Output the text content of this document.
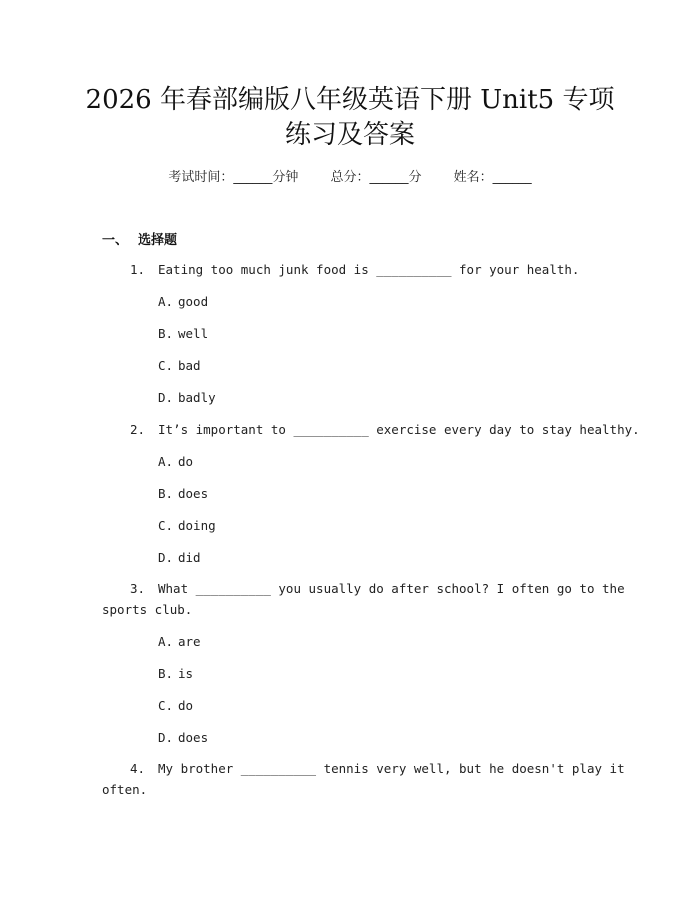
2026 年春部编版八年级英语下册 Unit5 专项
练习及答案
考试时间：______分钟 总分：______分 姓名：______
一、 选择题
1. Eating too much junk food is __________ for your health.
A. good
B. well
C. bad
D. badly
2. It’s important to __________ exercise every day to stay healthy.
A. do
B. does
C. doing
D. did
3. What __________ you usually do after school? I often go to the
sports club.
A. are
B. is
C. do
D. does
4. My brother __________ tennis very well, but he doesn't play it
often.
